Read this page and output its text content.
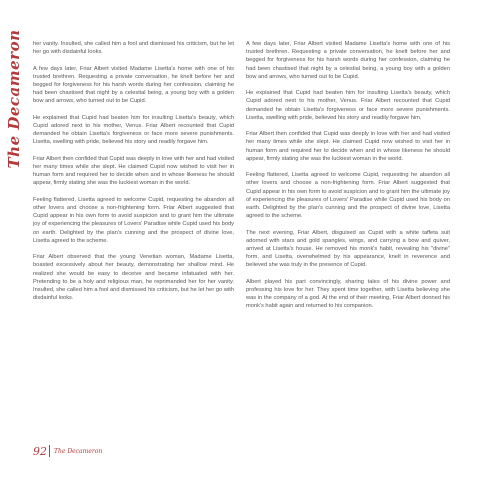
The Decameron her vanity. Insulted, she called him a fool and dismissed his criticism, but he let her go with disdainful looks.

A few days later, Friar Albert visited Madame Lisetta's home with one of his trusted brethren. Requesting a private conversation, he knelt before her and begged for forgiveness for his harsh words during her confession, claiming he had been chastised that night by a celestial being, a young boy with a golden bow and arrows, who turned out to be Cupid.

He explained that Cupid had beaten him for insulting Lisetta's beauty, which Cupid adored next to his mother, Venus. Friar Albert recounted that Cupid demanded he obtain Lisetta's forgiveness or face more severe punishments. Lisetta, swelling with pride, believed his story and readily forgave him.

Friar Albert then confided that Cupid was deeply in love with her and had visited her many times while she slept. He claimed Cupid now wished to visit her in human form and required her to decide when and in whose likeness he should appear, firmly stating she was the luckiest woman in the world.

Feeling flattered, Lisetta agreed to welcome Cupid, requesting he abandon all other lovers and choose a non-frightening form. Friar Albert suggested that Cupid appear in his own form to avoid suspicion and to grant him the ultimate joy of experiencing the pleasures of Lovers' Paradise while Cupid used his body on earth. Delighted by the plan's cunning and the prospect of divine love, Lisetta agreed to the scheme.

Friar Albert observed that the young Venetian woman, Madame Lisetta, boasted excessively about her beauty, demonstrating her shallow mind. He realized she would be easy to deceive and became infatuated with her. Pretending to be a holy and religious man, he reprimanded her for her vanity. Insulted, she called him a fool and dismissed his criticism, but he let her go with disdainful looks.

A few days later, Friar Albert visited Madame Lisetta's home with one of his trusted brethren. Requesting a private conversation, he knelt before her and begged for forgiveness for his harsh words during her confession, claiming he had been chastised that night by a celestial being, a young boy with a golden bow and arrows, who turned out to be Cupid.

He explained that Cupid had beaten him for insulting Lisetta's beauty, which Cupid adored next to his mother, Venus. Friar Albert recounted that Cupid demanded he obtain Lisetta's forgiveness or face more severe punishments. Lisetta, swelling with pride, believed his story and readily forgave him.

Friar Albert then confided that Cupid was deeply in love with her and had visited her many times while she slept. He claimed Cupid now wished to visit her in human form and required her to decide when and in whose likeness he should appear, firmly stating she was the luckiest woman in the world.

Feeling flattered, Lisetta agreed to welcome Cupid, requesting he abandon all other lovers and choose a non-frightening form. Friar Albert suggested that Cupid appear in his own form to avoid suspicion and to grant him the ultimate joy of experiencing the pleasures of Lovers' Paradise while Cupid used his body on earth. Delighted by the plan's cunning and the prospect of divine love, Lisetta agreed to the scheme.

The next evening, Friar Albert, disguised as Cupid with a white taffeta suit adorned with stars and gold spangles, wings, and carrying a bow and quiver, arrived at Lisetta's house. He removed his monk's habit, revealing his "divine" form, and Lisetta, overwhelmed by his appearance, knelt in reverence and believed she was truly in the presence of Cupid.

Albert played his part convincingly, sharing tales of his divine power and professing his love for her. They spent time together, with Lisetta believing she was in the company of a god. At the end of their meeting, Friar Albert donned his monk's habit again and returned to his companion.

92 The Decameron
